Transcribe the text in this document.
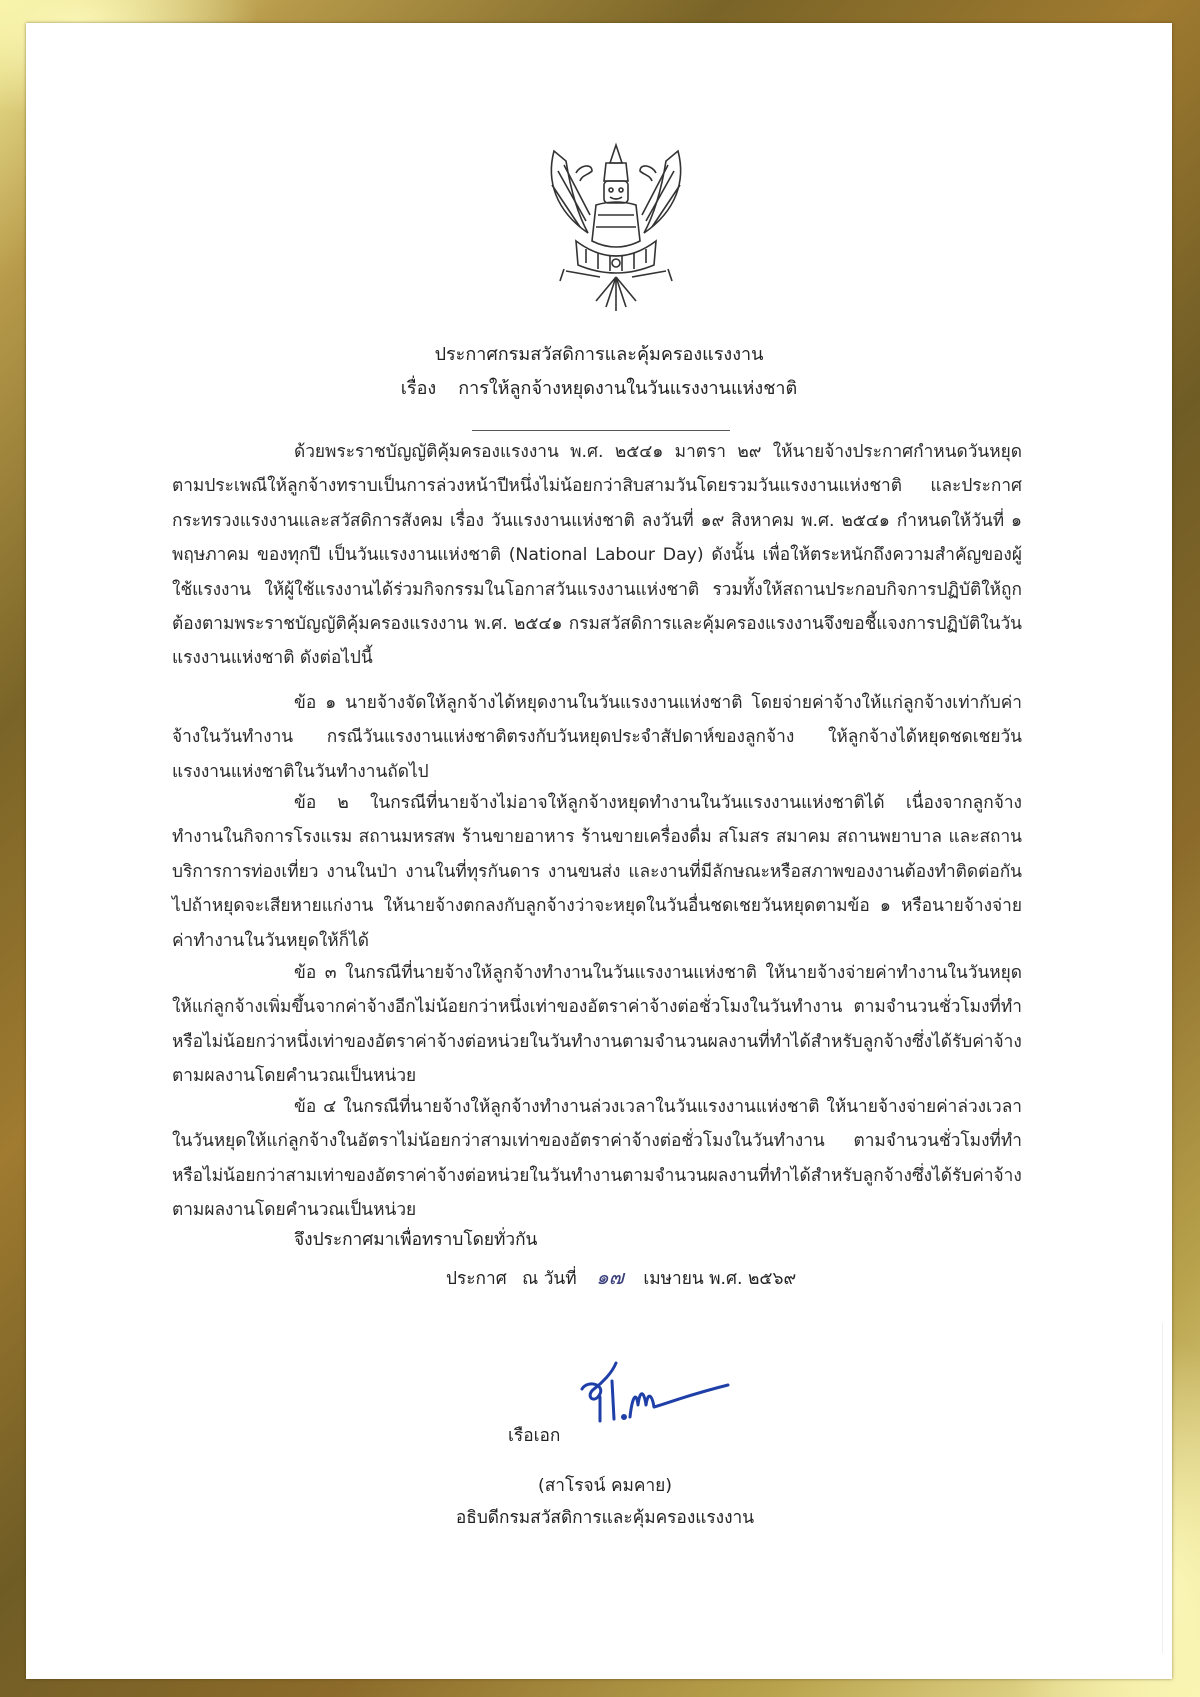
ประกาศกรมสวัสดิการและคุ้มครองแรงงาน
เรื่อง การให้ลูกจ้างหยุดงานในวันแรงงานแห่งชาติ

ด้วยพระราชบัญญัติคุ้มครองแรงงาน พ.ศ. ๒๕๔๑ มาตรา ๒๙ ให้นายจ้างประกาศกำหนดวันหยุดตามประเพณีให้ลูกจ้างทราบเป็นการล่วงหน้าปีหนึ่งไม่น้อยกว่าสิบสามวันโดยรวมวันแรงงานแห่งชาติ และประกาศกระทรวงแรงงานและสวัสดิการสังคม เรื่อง วันแรงงานแห่งชาติ ลงวันที่ ๑๙ สิงหาคม พ.ศ. ๒๕๔๑ กำหนดให้วันที่ ๑ พฤษภาคม ของทุกปี เป็นวันแรงงานแห่งชาติ (National Labour Day) ดังนั้น เพื่อให้ตระหนักถึงความสำคัญของผู้ใช้แรงงาน ให้ผู้ใช้แรงงานได้ร่วมกิจกรรมในโอกาสวันแรงงานแห่งชาติ รวมทั้งให้สถานประกอบกิจการปฏิบัติให้ถูกต้องตามพระราชบัญญัติคุ้มครองแรงงาน พ.ศ. ๒๕๔๑ กรมสวัสดิการและคุ้มครองแรงงานจึงขอชี้แจงการปฏิบัติในวันแรงงานแห่งชาติ ดังต่อไปนี้

ข้อ ๑ นายจ้างจัดให้ลูกจ้างได้หยุดงานในวันแรงงานแห่งชาติ โดยจ่ายค่าจ้างให้แก่ลูกจ้างเท่ากับค่าจ้างในวันทำงาน กรณีวันแรงงานแห่งชาติตรงกับวันหยุดประจำสัปดาห์ของลูกจ้าง ให้ลูกจ้างได้หยุดชดเชยวันแรงงานแห่งชาติในวันทำงานถัดไป

ข้อ ๒ ในกรณีที่นายจ้างไม่อาจให้ลูกจ้างหยุดทำงานในวันแรงงานแห่งชาติได้ เนื่องจากลูกจ้างทำงานในกิจการโรงแรม สถานมหรสพ ร้านขายอาหาร ร้านขายเครื่องดื่ม สโมสร สมาคม สถานพยาบาล และสถานบริการการท่องเที่ยว งานในป่า งานในที่ทุรกันดาร งานขนส่ง และงานที่มีลักษณะหรือสภาพของงานต้องทำติดต่อกันไปถ้าหยุดจะเสียหายแก่งาน ให้นายจ้างตกลงกับลูกจ้างว่าจะหยุดในวันอื่นชดเชยวันหยุดตามข้อ ๑ หรือนายจ้างจ่ายค่าทำงานในวันหยุดให้ก็ได้

ข้อ ๓ ในกรณีที่นายจ้างให้ลูกจ้างทำงานในวันแรงงานแห่งชาติ ให้นายจ้างจ่ายค่าทำงานในวันหยุดให้แก่ลูกจ้างเพิ่มขึ้นจากค่าจ้างอีกไม่น้อยกว่าหนึ่งเท่าของอัตราค่าจ้างต่อชั่วโมงในวันทำงาน ตามจำนวนชั่วโมงที่ทำ หรือไม่น้อยกว่าหนึ่งเท่าของอัตราค่าจ้างต่อหน่วยในวันทำงานตามจำนวนผลงานที่ทำได้สำหรับลูกจ้างซึ่งได้รับค่าจ้างตามผลงานโดยคำนวณเป็นหน่วย

ข้อ ๔ ในกรณีที่นายจ้างให้ลูกจ้างทำงานล่วงเวลาในวันแรงงานแห่งชาติ ให้นายจ้างจ่ายค่าล่วงเวลาในวันหยุดให้แก่ลูกจ้างในอัตราไม่น้อยกว่าสามเท่าของอัตราค่าจ้างต่อชั่วโมงในวันทำงาน ตามจำนวนชั่วโมงที่ทำหรือไม่น้อยกว่าสามเท่าของอัตราค่าจ้างต่อหน่วยในวันทำงานตามจำนวนผลงานที่ทำได้สำหรับลูกจ้างซึ่งได้รับค่าจ้างตามผลงานโดยคำนวณเป็นหน่วย

จึงประกาศมาเพื่อทราบโดยทั่วกัน
ประกาศ ณ วันที่ ๑๗ เมษายน พ.ศ. ๒๕๖๙
เรือเอก
(สาโรจน์ คมคาย)
อธิบดีกรมสวัสดิการและคุ้มครองแรงงาน
